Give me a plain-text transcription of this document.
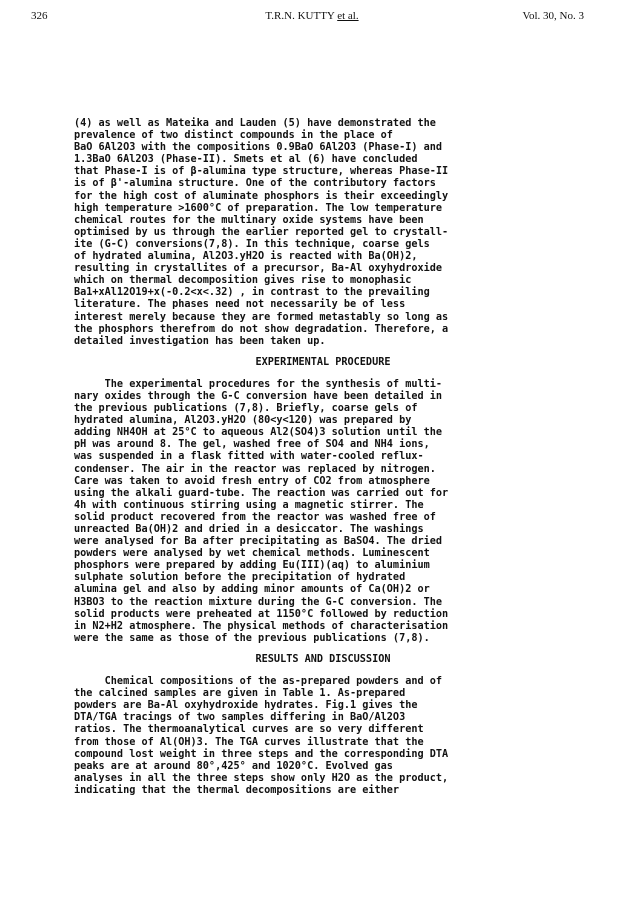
326	T.R.N. KUTTY et al.	Vol. 30, No. 3
(4) as well as Mateika and Lauden (5) have demonstrated the
prevalence of two distinct compounds in the place of
BaO 6Al2O3 with the compositions 0.9BaO 6Al2O3 (Phase-I) and
1.3BaO 6Al2O3 (Phase-II). Smets et al (6) have concluded
that Phase-I is of β-alumina type structure, whereas Phase-II
is of β'-alumina structure. One of the contributory factors
for the high cost of aluminate phosphors is their exceedingly
high temperature >1600°C of preparation. The low temperature
chemical routes for the multinary oxide systems have been
optimised by us through the earlier reported gel to crystall-
ite (G-C) conversions(7,8). In this technique, coarse gels
of hydrated alumina, Al2O3.yH2O is reacted with Ba(OH)2,
resulting in crystallites of a precursor, Ba-Al oxyhydroxide
which on thermal decomposition gives rise to monophasic
Ba1+xAl12O19+x(-0.2<x<.32) , in contrast to the prevailing
literature. The phases need not necessarily be of less
interest merely because they are formed metastably so long as
the phosphors therefrom do not show degradation. Therefore, a
detailed investigation has been taken up.
EXPERIMENTAL PROCEDURE
The experimental procedures for the synthesis of multi-
nary oxides through the G-C conversion have been detailed in
the previous publications (7,8). Briefly, coarse gels of
hydrated alumina, Al2O3.yH2O (80<y<120) was prepared by
adding NH4OH at 25°C to aqueous Al2(SO4)3 solution until the
pH was around 8. The gel, washed free of SO4 and NH4 ions,
was suspended in a flask fitted with water-cooled reflux-
condenser. The air in the reactor was replaced by nitrogen.
Care was taken to avoid fresh entry of CO2 from atmosphere
using the alkali guard-tube. The reaction was carried out for
4h with continuous stirring using a magnetic stirrer. The
solid product recovered from the reactor was washed free of
unreacted Ba(OH)2 and dried in a desiccator. The washings
were analysed for Ba after precipitating as BaSO4. The dried
powders were analysed by wet chemical methods. Luminescent
phosphors were prepared by adding Eu(III)(aq) to aluminium
sulphate solution before the precipitation of hydrated
alumina gel and also by adding minor amounts of Ca(OH)2 or
H3BO3 to the reaction mixture during the G-C conversion. The
solid products were preheated at 1150°C followed by reduction
in N2+H2 atmosphere. The physical methods of characterisation
were the same as those of the previous publications (7,8).
RESULTS AND DISCUSSION
Chemical compositions of the as-prepared powders and of
the calcined samples are given in Table 1. As-prepared
powders are Ba-Al oxyhydroxide hydrates. Fig.1 gives the
DTA/TGA tracings of two samples differing in BaO/Al2O3
ratios. The thermoanalytical curves are so very different
from those of Al(OH)3. The TGA curves illustrate that the
compound lost weight in three steps and the corresponding DTA
peaks are at around 80°,425° and 1020°C. Evolved gas
analyses in all the three steps show only H2O as the product,
indicating that the thermal decompositions are either
